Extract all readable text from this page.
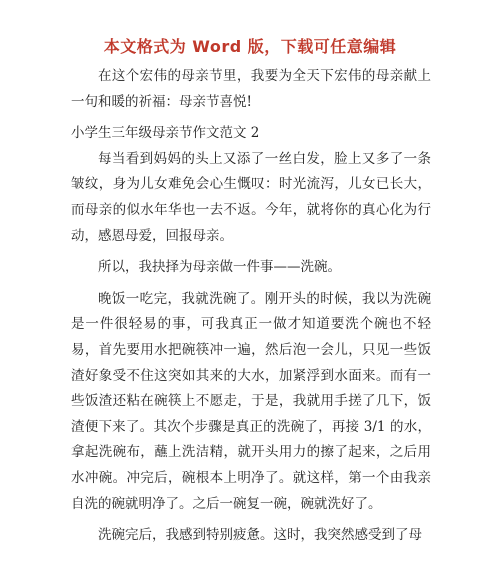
本文格式为 Word 版，下载可任意编辑

在这个宏伟的母亲节里，我要为全天下宏伟的母亲献上一句和暖的祈福：母亲节喜悦!

小学生三年级母亲节作文范文 2

每当看到妈妈的头上又添了一丝白发，脸上又多了一条皱纹，身为儿女难免会心生慨叹：时光流泻，儿女已长大，而母亲的似水年华也一去不返。今年，就将你的真心化为行动，感恩母爱，回报母亲。

所以，我抉择为母亲做一件事——洗碗。

晚饭一吃完，我就洗碗了。刚开头的时候，我以为洗碗是一件很轻易的事，可我真正一做才知道要洗个碗也不轻易，首先要用水把碗筷冲一遍，然后泡一会儿，只见一些饭渣好象受不住这突如其来的大水，加紧浮到水面来。而有一些饭渣还粘在碗筷上不愿走，于是，我就用手搓了几下，饭渣便下来了。其次个步骤是真正的洗碗了，再接 3/1 的水，拿起洗碗布，蘸上洗洁精，就开头用力的擦了起来，之后用水冲碗。冲完后，碗根本上明净了。就这样，第一个由我亲自洗的碗就明净了。之后一碗复一碗，碗就洗好了。

洗碗完后，我感到特别疲惫。这时，我突然感受到了母
